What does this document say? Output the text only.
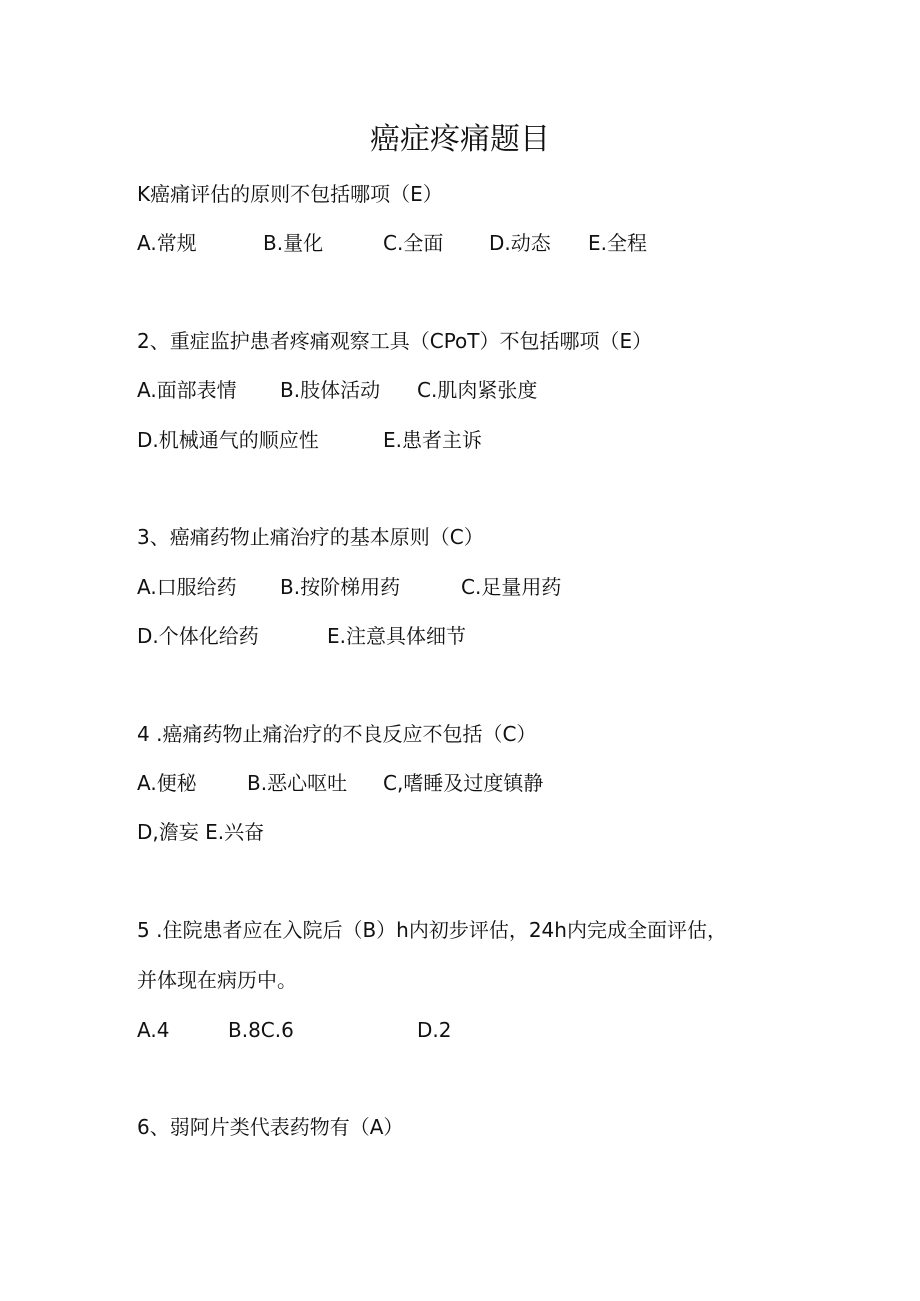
癌症疼痛题目

K癌痛评估的原则不包括哪项（E）

A.常规	B.量化	C.全面 D.动态 E.全程

2、重症监护患者疼痛观察工具（CPoT）不包括哪项（E）

A.面部表情 B.肢体活动 C.肌肉紧张度
D.机械通气的顺应性	E.患者主诉

3、癌痛药物止痛治疗的基本原则（C）

A.口服给药 B.按阶梯用药	C.足量用药
D.个体化给药	E.注意具体细节

4 .癌痛药物止痛治疗的不良反应不包括（C）

A.便秘	B.恶心呕吐 C,嗜睡及过度镇静
D,澹妄 E.兴奋

5 .住院患者应在入院后（B）h内初步评估，24h内完成全面评估，

并体现在病历中。

A.4	B.8C.6	D.2

6、弱阿片类代表药物有（A）
